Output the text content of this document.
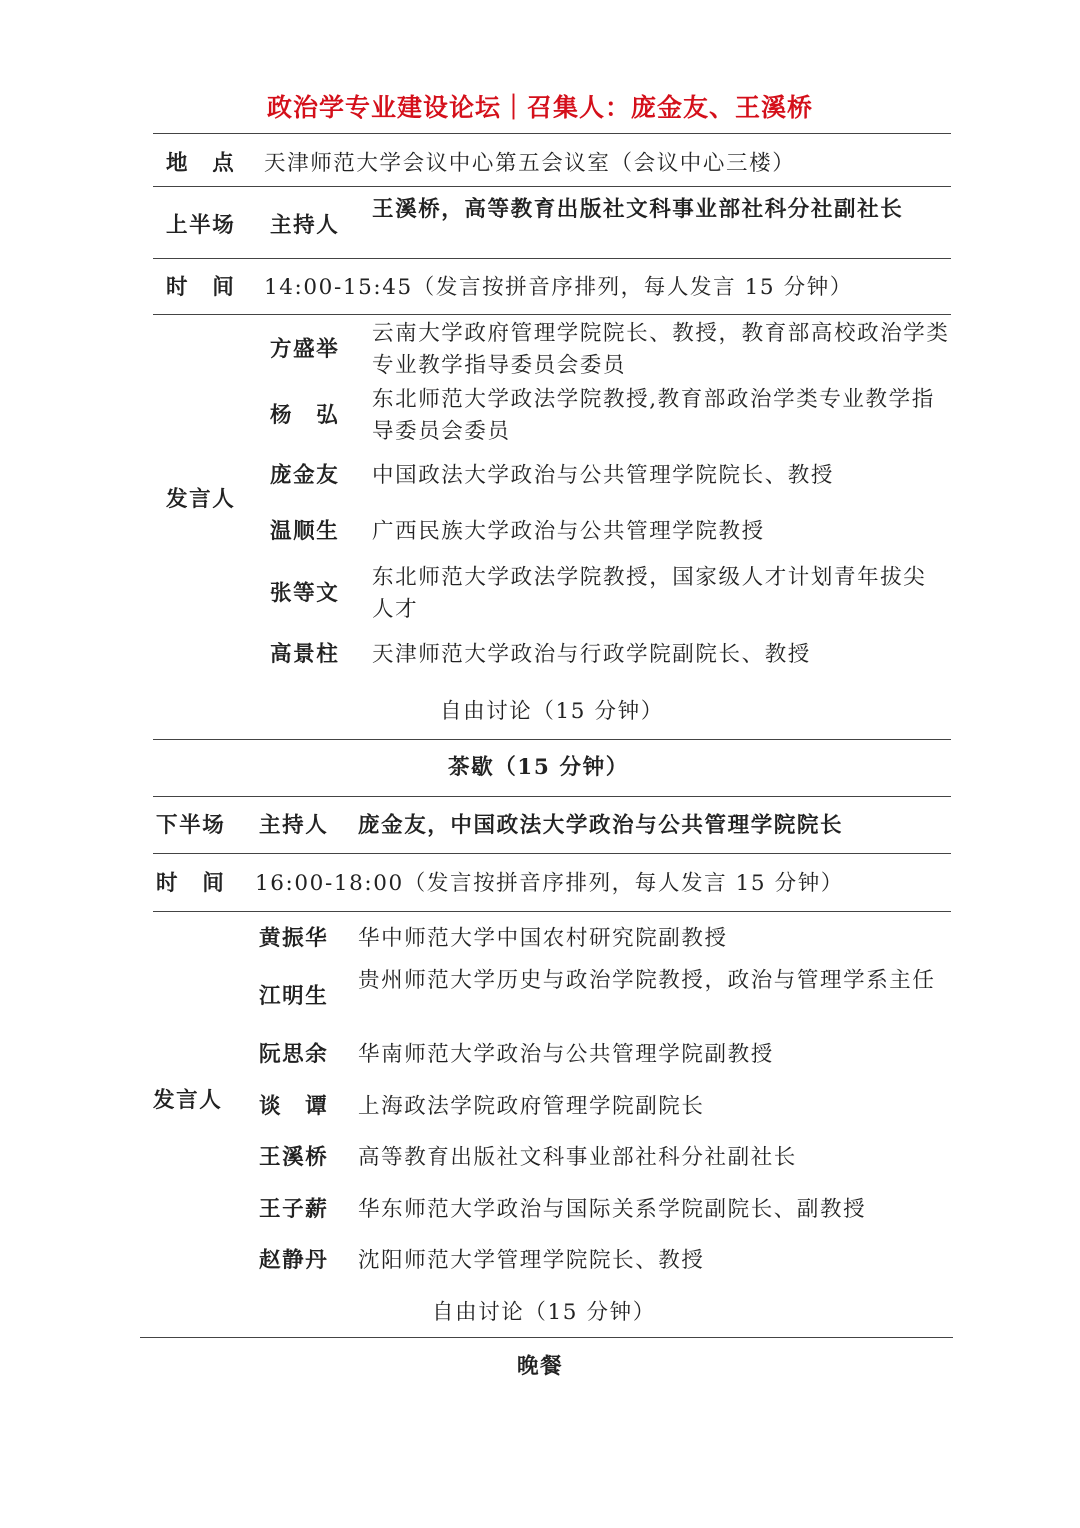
政治学专业建设论坛｜召集人：庞金友、王溪桥
地　点 天津师范大学会议中心第五会议室（会议中心三楼）
上半场 主持人
王溪桥，高等教育出版社文科事业部社科分社副社长
时　间 14:00-15:45（发言按拼音序排列，每人发言 15 分钟）
发言人
方盛举
云南大学政府管理学院院长、教授，教育部高校政治学类专业教学指导委员会委员
杨　弘
东北师范大学政法学院教授,教育部政治学类专业教学指导委员会委员
庞金友 中国政法大学政治与公共管理学院院长、教授
温顺生 广西民族大学政治与公共管理学院教授
张等文
东北师范大学政法学院教授，国家级人才计划青年拔尖人才
高景柱 天津师范大学政治与行政学院副院长、教授
自由讨论（15 分钟）
茶歇（15 分钟）
下半场 主持人 庞金友，中国政法大学政治与公共管理学院院长
时　间 16:00-18:00（发言按拼音序排列，每人发言 15 分钟）
发言人
黄振华 华中师范大学中国农村研究院副教授
江明生
贵州师范大学历史与政治学院教授，政治与管理学系主任
阮思余 华南师范大学政治与公共管理学院副教授
谈　谭 上海政法学院政府管理学院副院长
王溪桥 高等教育出版社文科事业部社科分社副社长
王子薪 华东师范大学政治与国际关系学院副院长、副教授
赵静丹 沈阳师范大学管理学院院长、教授
自由讨论（15 分钟）
晚餐
